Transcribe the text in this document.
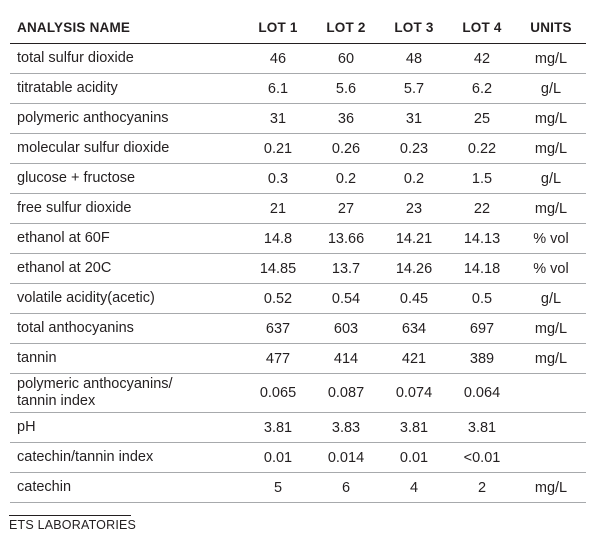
ANALYSIS NAME	LOT 1	LOT 2	LOT 3	LOT 4	UNITS
total sulfur dioxide	46	60	48	42	mg/L
titratable acidity	6.1	5.6	5.7	6.2	g/L
polymeric anthocyanins	31	36	31	25	mg/L
molecular sulfur dioxide	0.21	0.26	0.23	0.22	mg/L
glucose + fructose	0.3	0.2	0.2	1.5	g/L
free sulfur dioxide	21	27	23	22	mg/L
ethanol at 60F	14.8	13.66	14.21	14.13	% vol
ethanol at 20C	14.85	13.7	14.26	14.18	% vol
volatile acidity(acetic)	0.52	0.54	0.45	0.5	g/L
total anthocyanins	637	603	634	697	mg/L
tannin	477	414	421	389	mg/L
polymeric anthocyanins/
tannin index	0.065	0.087	0.074	0.064	
pH	3.81	3.83	3.81	3.81	
catechin/tannin index	0.01	0.014	0.01	<0.01	
catechin	5	6	4	2	mg/L
ETS LABORATORIES
